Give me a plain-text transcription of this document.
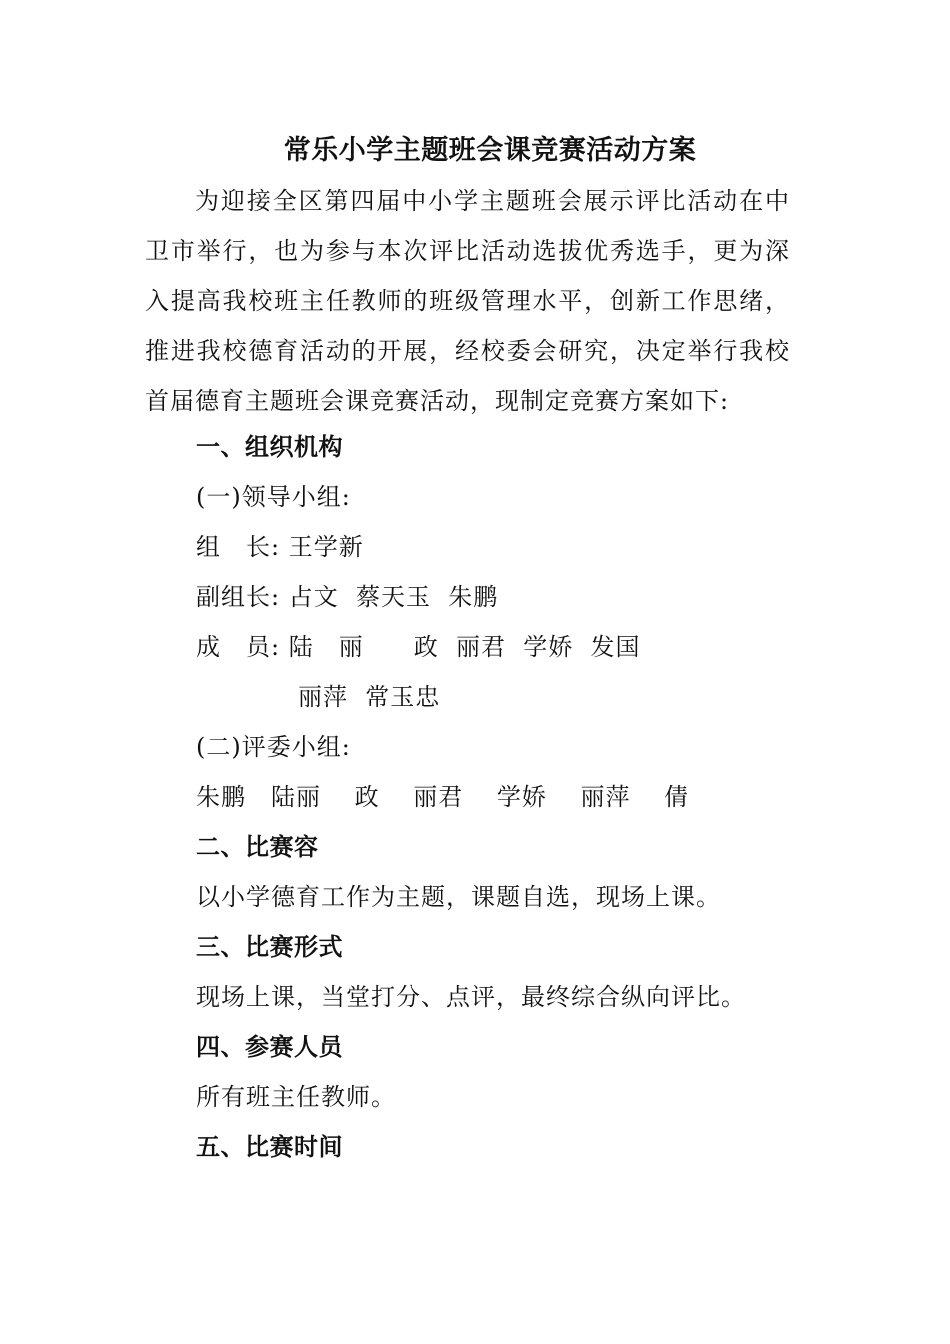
常乐小学主题班会课竞赛活动方案
为迎接全区第四届中小学主题班会展示评比活动在中卫市举行，也为参与本次评比活动选拔优秀选手，更为深入提高我校班主任教师的班级管理水平，创新工作思绪，推进我校德育活动的开展，经校委会研究，决定举行我校首届德育主题班会课竞赛活动，现制定竞赛方案如下:
一、组织机构
(一)领导小组:
组　长: 王学新
副组长: 占文  蔡天玉  朱鹏
成　员: 陆　丽　　政  丽君  学娇  发国
丽萍  常玉忠
(二)评委小组:
朱鹏　陆丽　 政　 丽君　 学娇　 丽萍　 倩
二、比赛容
以小学德育工作为主题，课题自选，现场上课。
三、比赛形式
现场上课，当堂打分、点评，最终综合纵向评比。
四、参赛人员
所有班主任教师。
五、比赛时间
